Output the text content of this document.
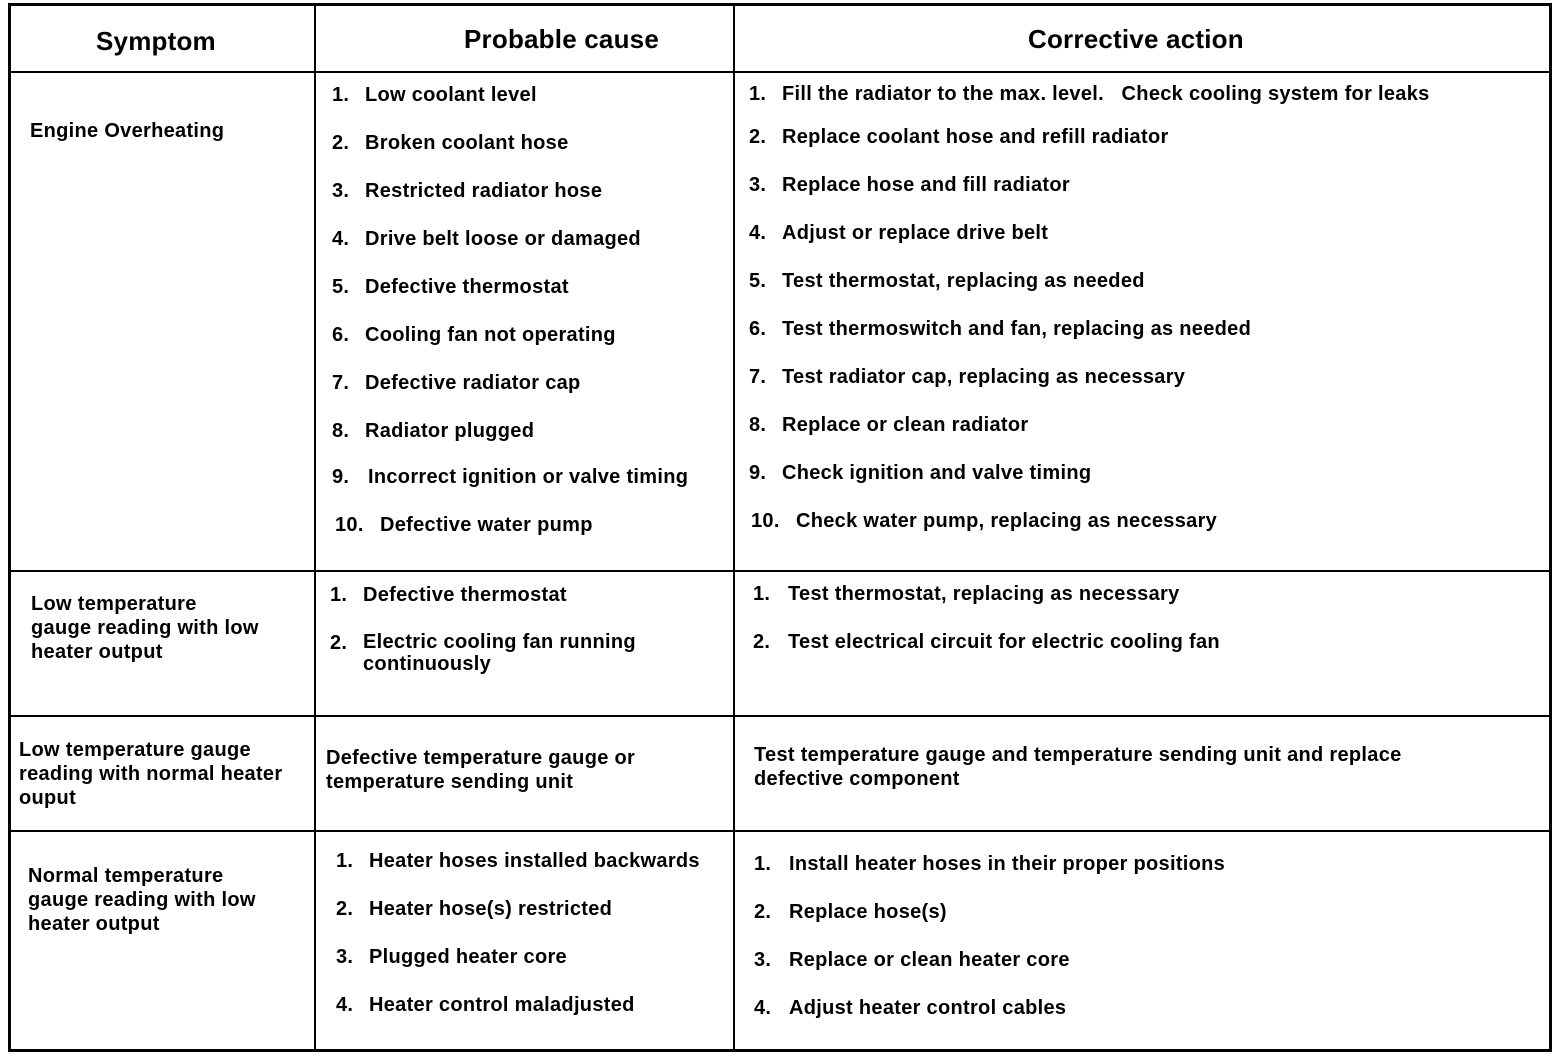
Symptom	Probable cause	Corrective action
Engine Overheating
1. Low coolant level
2. Broken coolant hose
3. Restricted radiator hose
4. Drive belt loose or damaged
5. Defective thermostat
6. Cooling fan not operating
7. Defective radiator cap
8. Radiator plugged
9. Incorrect ignition or valve timing
10. Defective water pump
1. Fill the radiator to the max. level.   Check cooling system for leaks
2. Replace coolant hose and refill radiator
3. Replace hose and fill radiator
4. Adjust or replace drive belt
5. Test thermostat, replacing as needed
6. Test thermoswitch and fan, replacing as needed
7. Test radiator cap, replacing as necessary
8. Replace or clean radiator
9. Check ignition and valve timing
10. Check water pump, replacing as necessary
Low temperature gauge reading with low heater output
1. Defective thermostat
2. Electric cooling fan running continuously
1. Test thermostat, replacing as necessary
2. Test electrical circuit for electric cooling fan
Low temperature gauge reading with normal heater ouput
Defective temperature gauge or temperature sending unit
Test temperature gauge and temperature sending unit and replace defective component
Normal temperature gauge reading with low heater output
1. Heater hoses installed backwards
2. Heater hose(s) restricted
3. Plugged heater core
4. Heater control maladjusted
1. Install heater hoses in their proper positions
2. Replace hose(s)
3. Replace or clean heater core
4. Adjust heater control cables
